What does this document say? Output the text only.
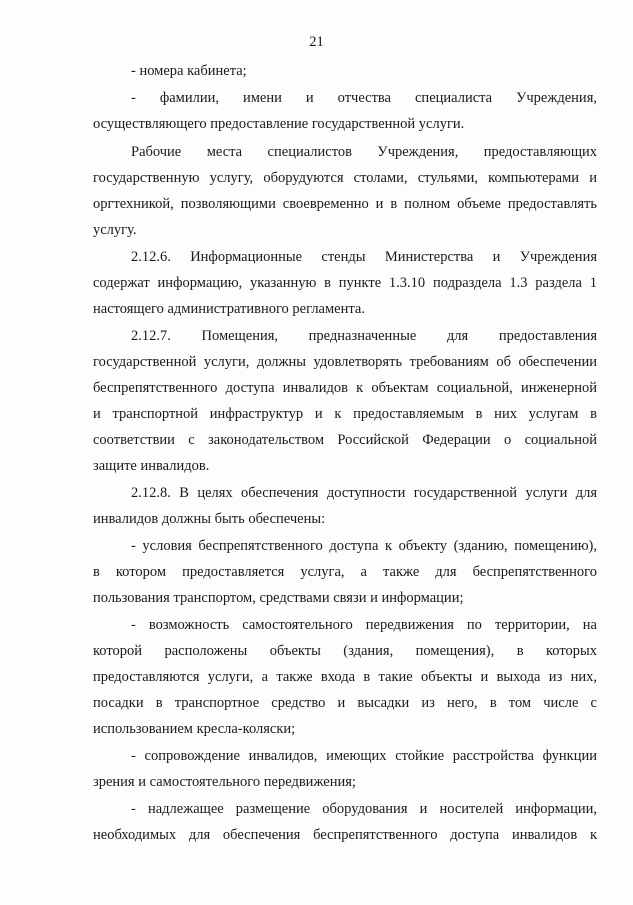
21
- номера кабинета;
- фамилии, имени и отчества специалиста Учреждения,
осуществляющего предоставление государственной услуги.
Рабочие места специалистов Учреждения, предоставляющих
государственную услугу, оборудуются столами, стульями, компьютерами и
оргтехникой, позволяющими своевременно и в полном объеме предоставлять
услугу.
2.12.6. Информационные стенды Министерства и Учреждения
содержат информацию, указанную в пункте 1.3.10 подраздела 1.3 раздела 1
настоящего административного регламента.
2.12.7. Помещения, предназначенные для предоставления
государственной услуги, должны удовлетворять требованиям об обеспечении
беспрепятственного доступа инвалидов к объектам социальной, инженерной
и транспортной инфраструктур и к предоставляемым в них услугам в
соответствии с законодательством Российской Федерации о социальной
защите инвалидов.
2.12.8. В целях обеспечения доступности государственной услуги для
инвалидов должны быть обеспечены:
- условия беспрепятственного доступа к объекту (зданию, помещению),
в котором предоставляется услуга, а также для беспрепятственного
пользования транспортом, средствами связи и информации;
- возможность самостоятельного передвижения по территории, на
которой расположены объекты (здания, помещения), в которых
предоставляются услуги, а также входа в такие объекты и выхода из них,
посадки в транспортное средство и высадки из него, в том числе с
использованием кресла-коляски;
- сопровождение инвалидов, имеющих стойкие расстройства функции
зрения и самостоятельного передвижения;
- надлежащее размещение оборудования и носителей информации,
необходимых для обеспечения беспрепятственного доступа инвалидов к
